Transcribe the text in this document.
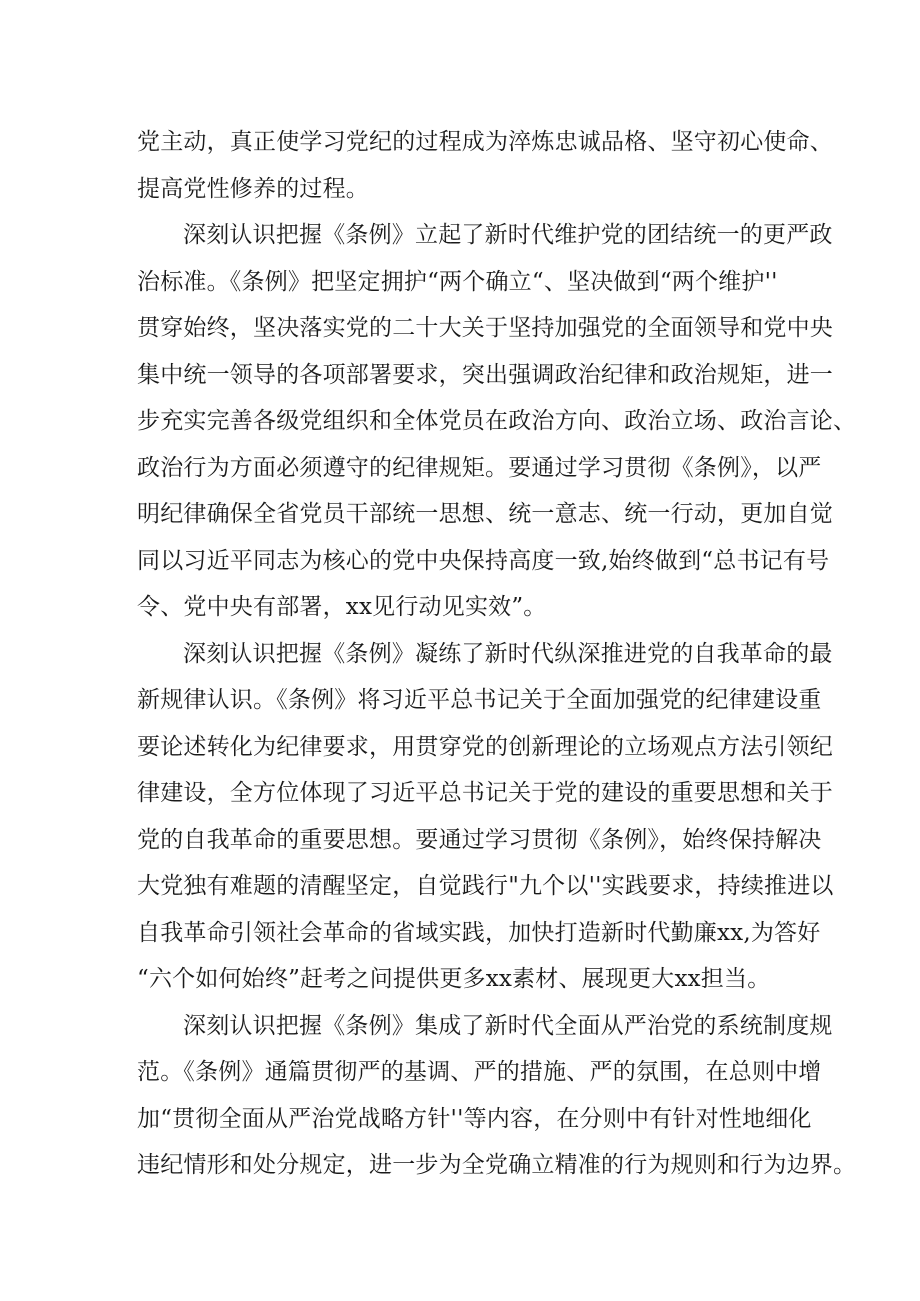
党主动，真正使学习党纪的过程成为淬炼忠诚品格、坚守初心使命、
提高党性修养的过程。
深刻认识把握《条例》立起了新时代维护党的团结统一的更严政
治标准。《条例》把坚定拥护“两个确立“、坚决做到“两个维护''
贯穿始终，坚决落实党的二十大关于坚持加强党的全面领导和党中央
集中统一领导的各项部署要求，突出强调政治纪律和政治规矩，进一
步充实完善各级党组织和全体党员在政治方向、政治立场、政治言论、
政治行为方面必须遵守的纪律规矩。要通过学习贯彻《条例》，以严
明纪律确保全省党员干部统一思想、统一意志、统一行动，更加自觉
同以习近平同志为核心的党中央保持高度一致,始终做到“总书记有号
令、党中央有部署，xx见行动见实效”。
深刻认识把握《条例》凝练了新时代纵深推进党的自我革命的最
新规律认识。《条例》将习近平总书记关于全面加强党的纪律建设重
要论述转化为纪律要求，用贯穿党的创新理论的立场观点方法引领纪
律建设，全方位体现了习近平总书记关于党的建设的重要思想和关于
党的自我革命的重要思想。要通过学习贯彻《条例》，始终保持解决
大党独有难题的清醒坚定，自觉践行"九个以''实践要求，持续推进以
自我革命引领社会革命的省域实践，加快打造新时代勤廉xx,为答好
“六个如何始终”赶考之问提供更多xx素材、展现更大xx担当。
深刻认识把握《条例》集成了新时代全面从严治党的系统制度规
范。《条例》通篇贯彻严的基调、严的措施、严的氛围，在总则中增
加“贯彻全面从严治党战略方针''等内容，在分则中有针对性地细化
违纪情形和处分规定，进一步为全党确立精准的行为规则和行为边界。
